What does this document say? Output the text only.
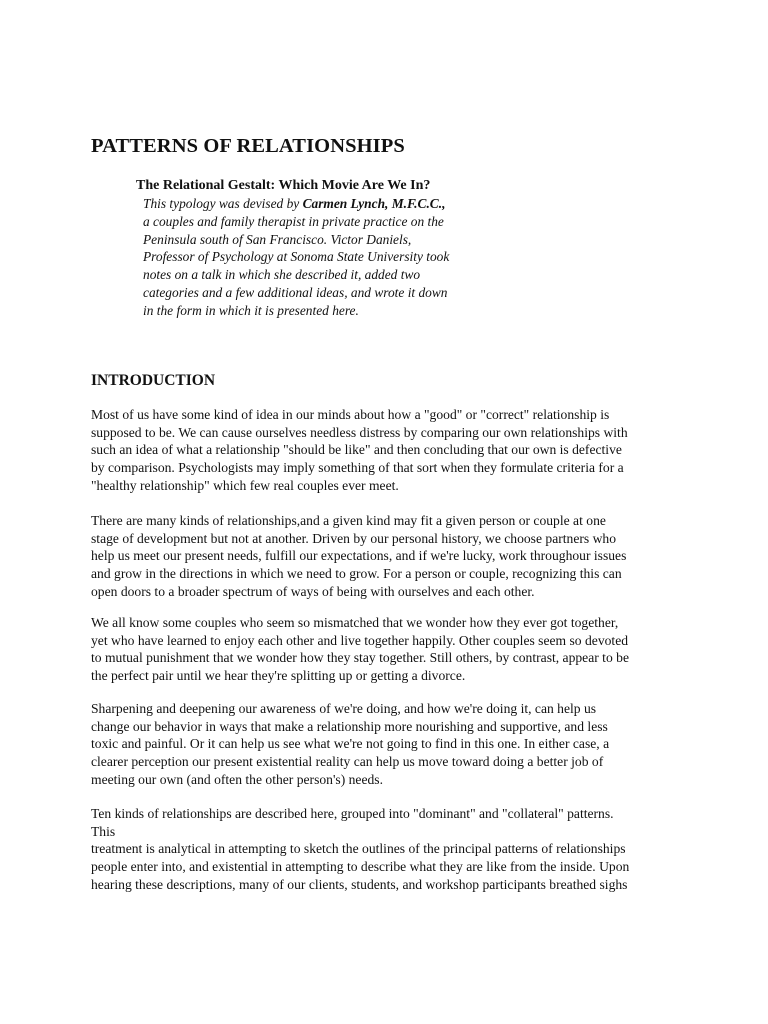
PATTERNS OF RELATIONSHIPS

The Relational Gestalt: Which Movie Are We In?

This typology was devised by Carmen Lynch, M.F.C.C.,
a couples and family therapist in private practice on the
Peninsula south of San Francisco. Victor Daniels,
Professor of Psychology at Sonoma State University took
notes on a talk in which she described it, added two
categories and a few additional ideas, and wrote it down
in the form in which it is presented here.
INTRODUCTION
Most of us have some kind of idea in our minds about how a "good" or "correct" relationship is
supposed to be. We can cause ourselves needless distress by comparing our own relationships with
such an idea of what a relationship "should be like" and then concluding that our own is defective
by comparison. Psychologists may imply something of that sort when they formulate criteria for a
"healthy relationship" which few real couples ever meet.
There are many kinds of relationships,and a given kind may fit a given person or couple at one
stage of development but not at another. Driven by our personal history, we choose partners who
help us meet our present needs, fulfill our expectations, and if we're lucky, work throughour issues
and grow in the directions in which we need to grow. For a person or couple, recognizing this can
open doors to a broader spectrum of ways of being with ourselves and each other.
We all know some couples who seem so mismatched that we wonder how they ever got together,
yet who have learned to enjoy each other and live together happily. Other couples seem so devoted
to mutual punishment that we wonder how they stay together. Still others, by contrast, appear to be
the perfect pair until we hear they're splitting up or getting a divorce.
Sharpening and deepening our awareness of we're doing, and how we're doing it, can help us
change our behavior in ways that make a relationship more nourishing and supportive, and less
toxic and painful. Or it can help us see what we're not going to find in this one. In either case, a
clearer perception our present existential reality can help us move toward doing a better job of
meeting our own (and often the other person's) needs.
Ten kinds of relationships are described here, grouped into "dominant" and "collateral" patterns.
This
treatment is analytical in attempting to sketch the outlines of the principal patterns of relationships
people enter into, and existential in attempting to describe what they are like from the inside. Upon
hearing these descriptions, many of our clients, students, and workshop participants breathed sighs
